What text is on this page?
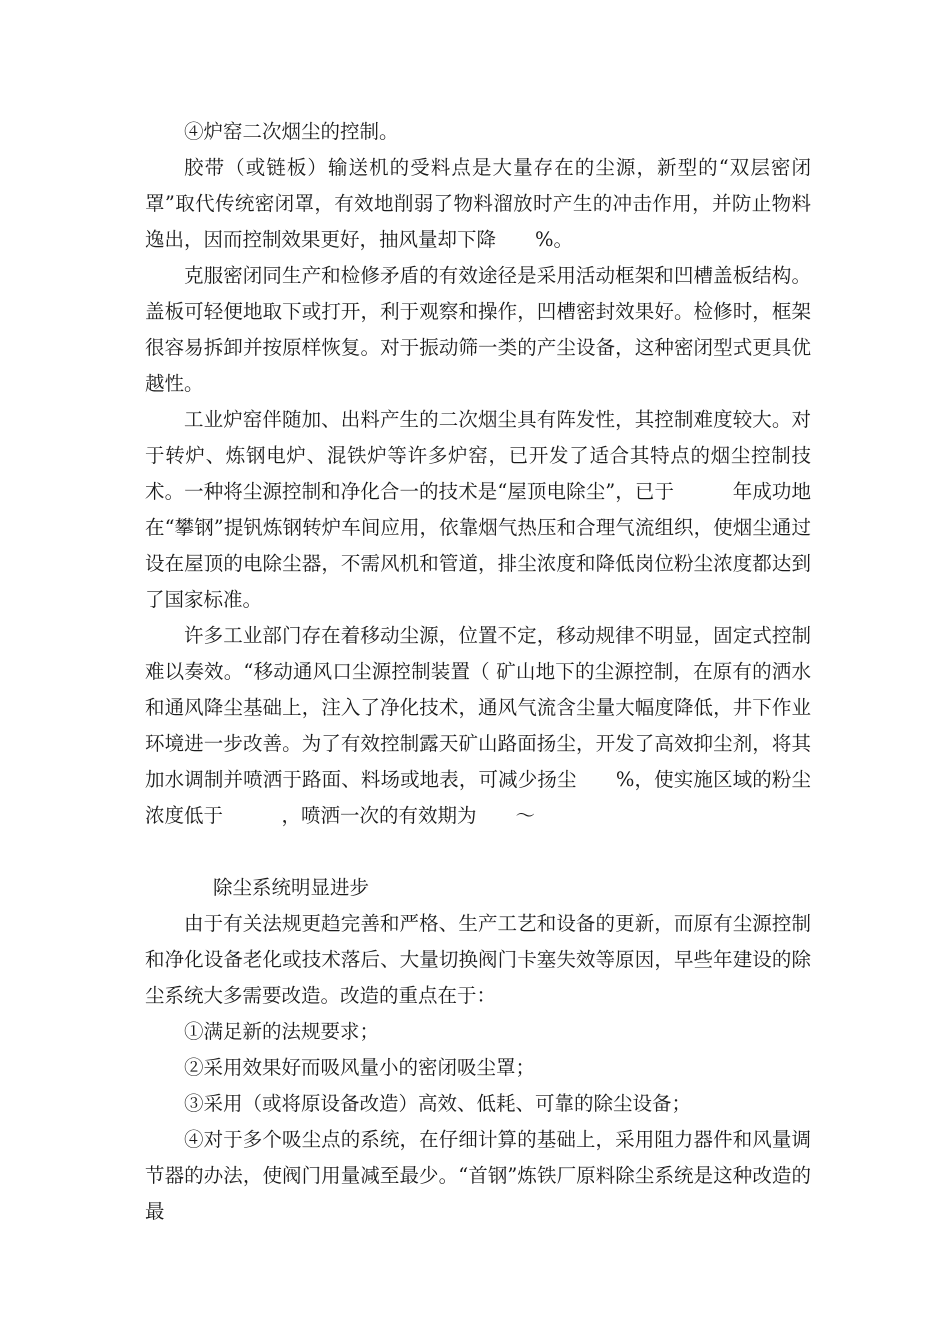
④炉窑二次烟尘的控制。

胶带（或链板）输送机的受料点是大量存在的尘源，新型的“双层密闭罩”取代传统密闭罩，有效地削弱了物料溜放时产生的冲击作用，并防止物料逸出，因而控制效果更好，抽风量却下降　　%。

克服密闭同生产和检修矛盾的有效途径是采用活动框架和凹槽盖板结构。盖板可轻便地取下或打开，利于观察和操作，凹槽密封效果好。检修时，框架很容易拆卸并按原样恢复。对于振动筛一类的产尘设备，这种密闭型式更具优越性。

工业炉窑伴随加、出料产生的二次烟尘具有阵发性，其控制难度较大。对于转炉、炼钢电炉、混铁炉等许多炉窑，已开发了适合其特点的烟尘控制技术。一种将尘源控制和净化合一的技术是“屋顶电除尘”，已于　　　年成功地在“攀钢”提钒炼钢转炉车间应用，依靠烟气热压和合理气流组织，使烟尘通过设在屋顶的电除尘器，不需风机和管道，排尘浓度和降低岗位粉尘浓度都达到了国家标准。

许多工业部门存在着移动尘源，位置不定，移动规律不明显，固定式控制难以奏效。“移动通风口尘源控制装置（ 矿山地下的尘源控制，在原有的洒水和通风降尘基础上，注入了净化技术，通风气流含尘量大幅度降低，井下作业环境进一步改善。为了有效控制露天矿山路面扬尘，开发了高效抑尘剂，将其加水调制并喷洒于路面、料场或地表，可减少扬尘　　%，使实施区域的粉尘浓度低于　　　，喷洒一次的有效期为　　～

除尘系统明显进步

由于有关法规更趋完善和严格、生产工艺和设备的更新，而原有尘源控制和净化设备老化或技术落后、大量切换阀门卡塞失效等原因，早些年建设的除尘系统大多需要改造。改造的重点在于：

①满足新的法规要求；

②采用效果好而吸风量小的密闭吸尘罩；

③采用（或将原设备改造）高效、低耗、可靠的除尘设备；

④对于多个吸尘点的系统，在仔细计算的基础上，采用阻力器件和风量调节器的办法，使阀门用量减至最少。“首钢”炼铁厂原料除尘系统是这种改造的最
